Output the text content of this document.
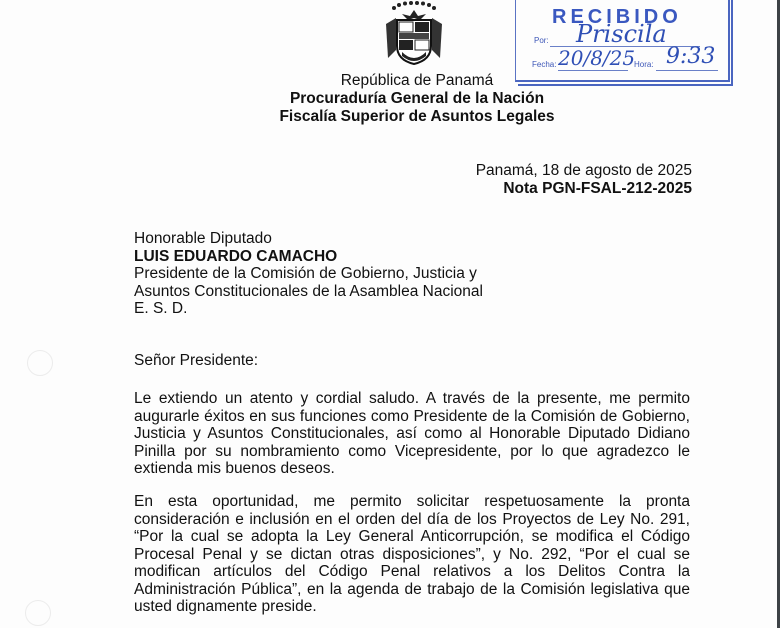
RECIBIDO
Por: Priscila
Fecha: 20/8/25
Hora: 9:33
República de Panamá
Procuraduría General de la Nación
Fiscalía Superior de Asuntos Legales
Panamá, 18 de agosto de 2025
Nota PGN-FSAL-212-2025
Honorable Diputado
LUIS EDUARDO CAMACHO
Presidente de la Comisión de Gobierno, Justicia y
Asuntos Constitucionales de la Asamblea Nacional
E. S. D.
Señor Presidente:
Le extiendo un atento y cordial saludo. A través de la presente, me permito augurarle éxitos en sus funciones como Presidente de la Comisión de Gobierno, Justicia y Asuntos Constitucionales, así como al Honorable Diputado Didiano Pinilla por su nombramiento como Vicepresidente, por lo que agradezco le extienda mis buenos deseos.
En esta oportunidad, me permito solicitar respetuosamente la pronta consideración e inclusión en el orden del día de los Proyectos de Ley No. 291, “Por la cual se adopta la Ley General Anticorrupción, se modifica el Código Procesal Penal y se dictan otras disposiciones”, y No. 292, “Por el cual se modifican artículos del Código Penal relativos a los Delitos Contra la Administración Pública”, en la agenda de trabajo de la Comisión legislativa que usted dignamente preside.
